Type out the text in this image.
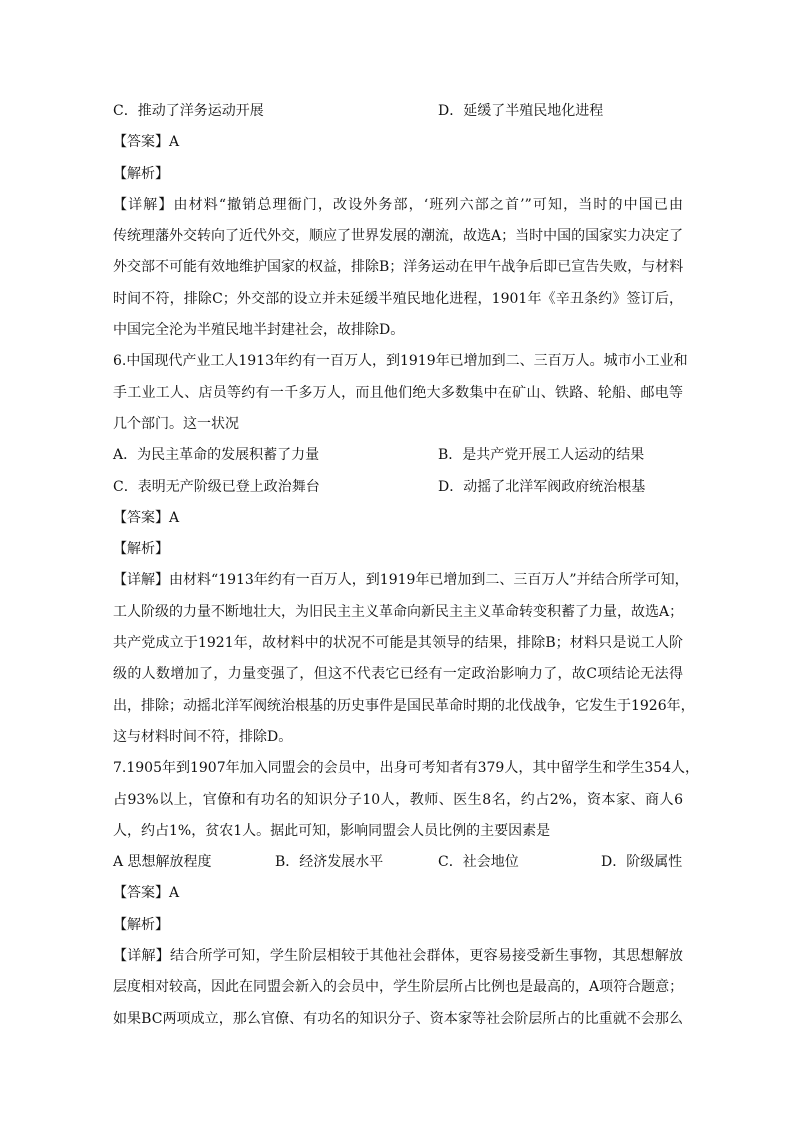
C．推动了洋务运动开展	D．延缓了半殖民地化进程
【答案】A
【解析】
【详解】由材料“撤销总理衙门，改设外务部，‘班列六部之首’”可知，当时的中国已由
传统理藩外交转向了近代外交，顺应了世界发展的潮流，故选A；当时中国的国家实力决定了
外交部不可能有效地维护国家的权益，排除B；洋务运动在甲午战争后即已宣告失败，与材料
时间不符，排除C；外交部的设立并未延缓半殖民地化进程，1901年《辛丑条约》签订后，
中国完全沦为半殖民地半封建社会，故排除D。
6.中国现代产业工人1913年约有一百万人，到1919年已增加到二、三百万人。城市小工业和
手工业工人、店员等约有一千多万人，而且他们绝大多数集中在矿山、铁路、轮船、邮电等
几个部门。这一状况
A．为民主革命的发展积蓄了力量	B．是共产党开展工人运动的结果
C．表明无产阶级已登上政治舞台	D．动摇了北洋军阀政府统治根基
【答案】A
【解析】
【详解】由材料“1913年约有一百万人，到1919年已增加到二、三百万人”并结合所学可知，
工人阶级的力量不断地壮大，为旧民主主义革命向新民主主义革命转变积蓄了力量，故选A；
共产党成立于1921年，故材料中的状况不可能是其领导的结果，排除B；材料只是说工人阶
级的人数增加了，力量变强了，但这不代表它已经有一定政治影响力了，故C项结论无法得
出，排除；动摇北洋军阀统治根基的历史事件是国民革命时期的北伐战争，它发生于1926年，
这与材料时间不符，排除D。
7.1905年到1907年加入同盟会的会员中，出身可考知者有379人，其中留学生和学生354人，
占93%以上，官僚和有功名的知识分子10人，教师、医生8名，约占2%，资本家、商人6
人，约占1%，贫农1人。据此可知，影响同盟会人员比例的主要因素是
A 思想解放程度	B．经济发展水平	C．社会地位	D．阶级属性
【答案】A
【解析】
【详解】结合所学可知，学生阶层相较于其他社会群体，更容易接受新生事物，其思想解放
层度相对较高，因此在同盟会新入的会员中，学生阶层所占比例也是最高的，A项符合题意；
如果BC两项成立，那么官僚、有功名的知识分子、资本家等社会阶层所占的比重就不会那么
